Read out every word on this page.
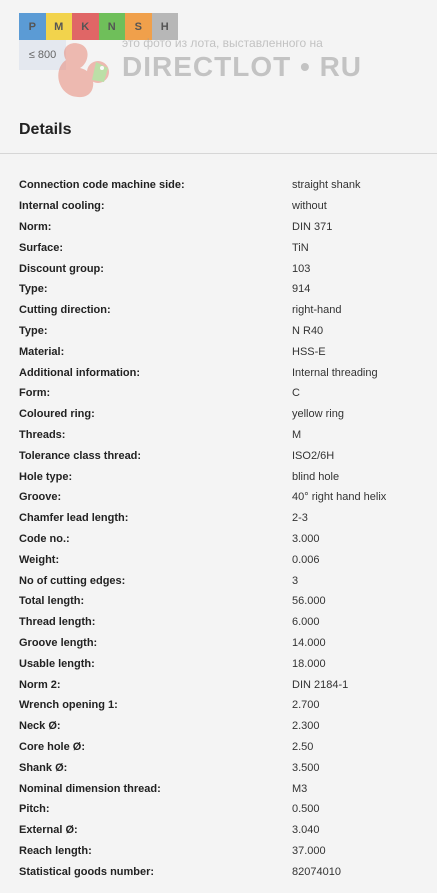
P	M	K	N	S	H
≤ 800
это фото из лота, выставленного на
DIRECTLOT • RU
Details
Connection code machine side:	straight shank
Internal cooling:	without
Norm:	DIN 371
Surface:	TiN
Discount group:	103
Type:	914
Cutting direction:	right-hand
Type:	N R40
Material:	HSS-E
Additional information:	Internal threading
Form:	C
Coloured ring:	yellow ring
Threads:	M
Tolerance class thread:	ISO2/6H
Hole type:	blind hole
Groove:	40° right hand helix
Chamfer lead length:	2-3
Code no.:	3.000
Weight:	0.006
No of cutting edges:	3
Total length:	56.000
Thread length:	6.000
Groove length:	14.000
Usable length:	18.000
Norm 2:	DIN 2184-1
Wrench opening 1:	2.700
Neck Ø:	2.300
Core hole Ø:	2.50
Shank Ø:	3.500
Nominal dimension thread:	M3
Pitch:	0.500
External Ø:	3.040
Reach length:	37.000
Statistical goods number:	82074010
